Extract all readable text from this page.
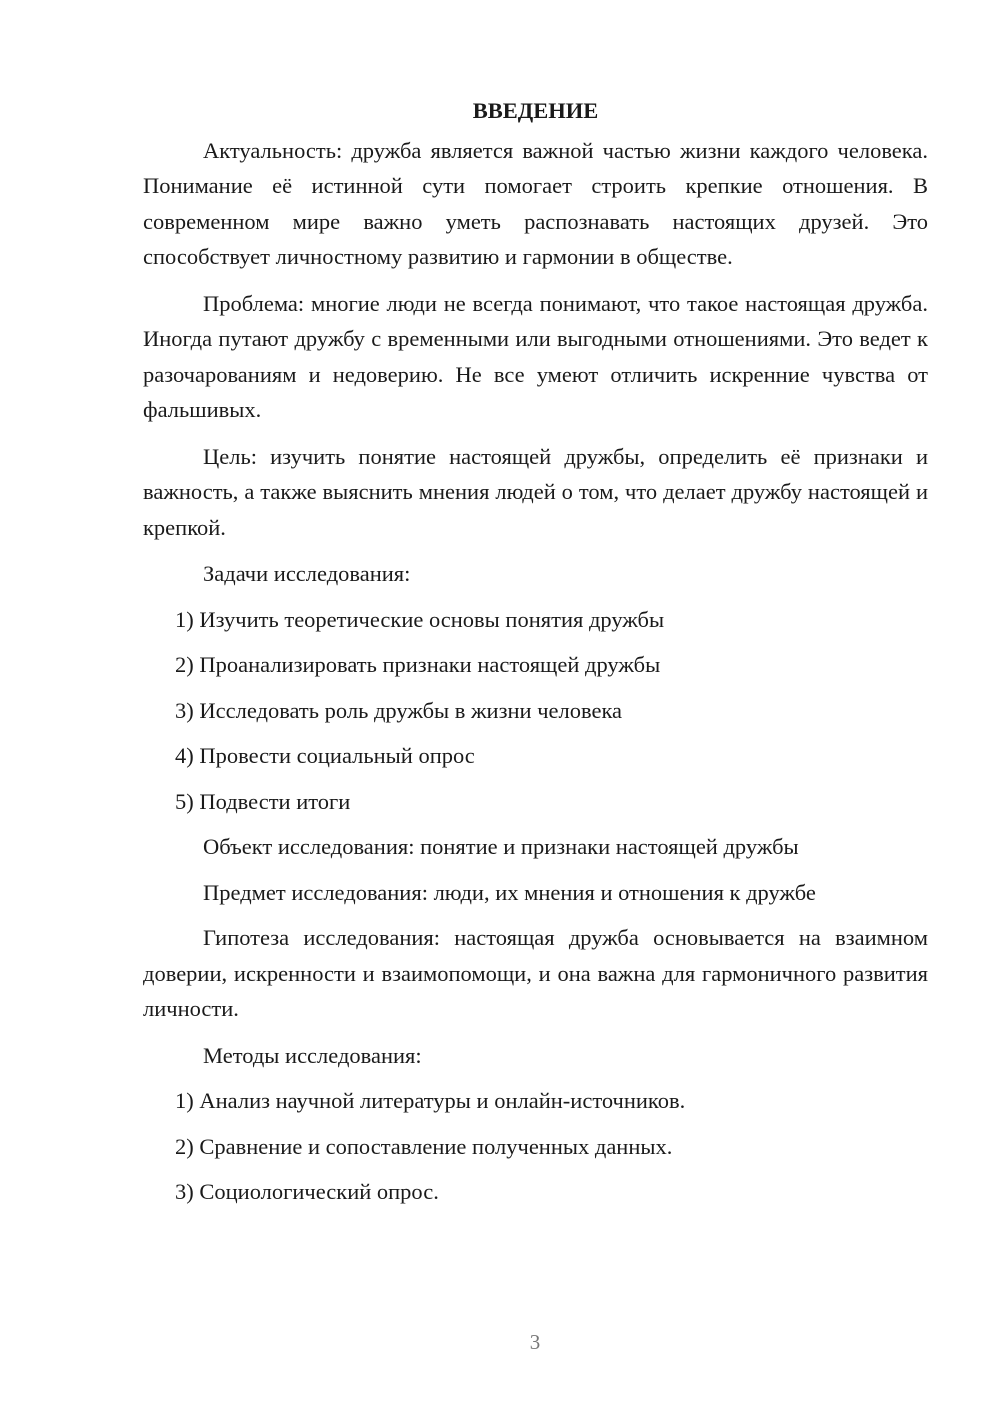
ВВЕДЕНИЕ

Актуальность: дружба является важной частью жизни каждого человека. Понимание её истинной сути помогает строить крепкие отношения. В современном мире важно уметь распознавать настоящих друзей. Это способствует личностному развитию и гармонии в обществе.

Проблема: многие люди не всегда понимают, что такое настоящая дружба. Иногда путают дружбу с временными или выгодными отношениями. Это ведет к разочарованиям и недоверию. Не все умеют отличить искренние чувства от фальшивых.

Цель: изучить понятие настоящей дружбы, определить её признаки и важность, а также выяснить мнения людей о том, что делает дружбу настоящей и крепкой.

Задачи исследования:

1) Изучить теоретические основы понятия дружбы

2) Проанализировать признаки настоящей дружбы

3) Исследовать роль дружбы в жизни человека

4) Провести социальный опрос

5) Подвести итоги

Объект исследования: понятие и признаки настоящей дружбы

Предмет исследования: люди, их мнения и отношения к дружбе

Гипотеза исследования: настоящая дружба основывается на взаимном доверии, искренности и взаимопомощи, и она важна для гармоничного развития личности.

Методы исследования:

1) Анализ научной литературы и онлайн-источников.

2) Сравнение и сопоставление полученных данных.

3) Социологический опрос.

3
